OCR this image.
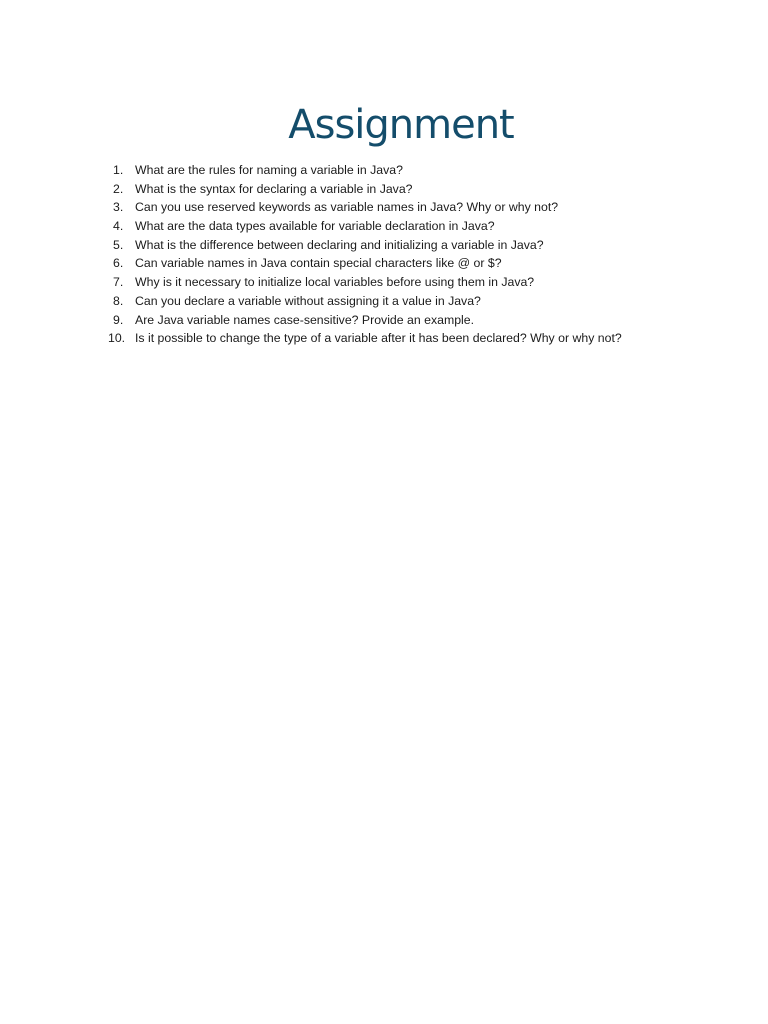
Assignment
1. What are the rules for naming a variable in Java?
2. What is the syntax for declaring a variable in Java?
3. Can you use reserved keywords as variable names in Java? Why or why not?
4. What are the data types available for variable declaration in Java?
5. What is the difference between declaring and initializing a variable in Java?
6. Can variable names in Java contain special characters like @ or $?
7. Why is it necessary to initialize local variables before using them in Java?
8. Can you declare a variable without assigning it a value in Java?
9. Are Java variable names case-sensitive? Provide an example.
10. Is it possible to change the type of a variable after it has been declared? Why or why not?
